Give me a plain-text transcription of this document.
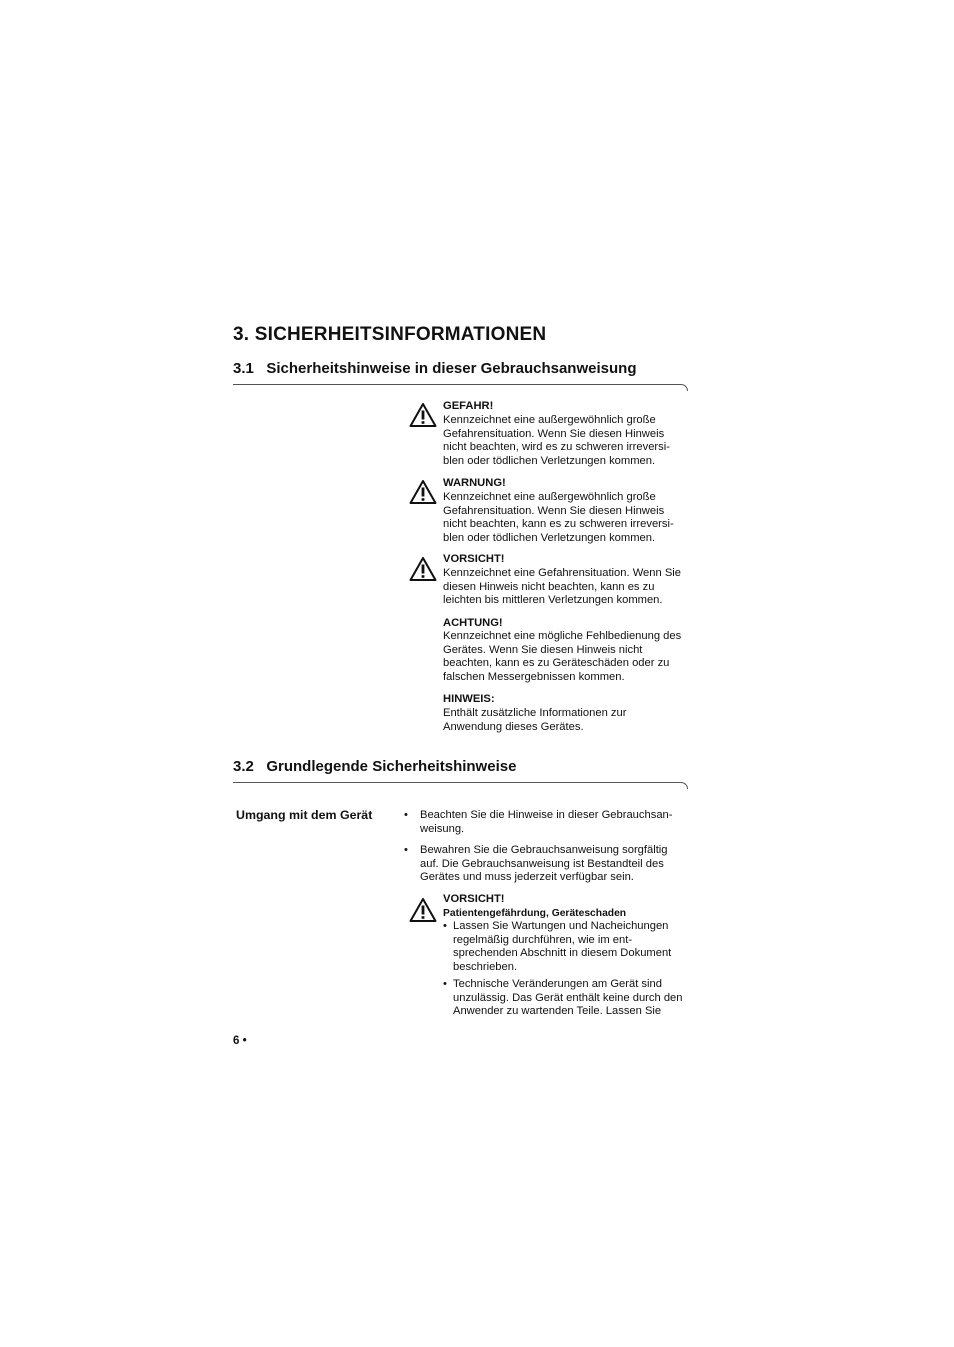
3. SICHERHEITSINFORMATIONEN
3.1   Sicherheitshinweise in dieser Gebrauchsanweisung
GEFAHR!
Kennzeichnet eine außergewöhnlich große
Gefahrensituation. Wenn Sie diesen Hinweis
nicht beachten, wird es zu schweren irreversi-
blen oder tödlichen Verletzungen kommen.
WARNUNG!
Kennzeichnet eine außergewöhnlich große
Gefahrensituation. Wenn Sie diesen Hinweis
nicht beachten, kann es zu schweren irreversi-
blen oder tödlichen Verletzungen kommen.
VORSICHT!
Kennzeichnet eine Gefahrensituation. Wenn Sie
diesen Hinweis nicht beachten, kann es zu
leichten bis mittleren Verletzungen kommen.
ACHTUNG!
Kennzeichnet eine mögliche Fehlbedienung des
Gerätes. Wenn Sie diesen Hinweis nicht
beachten, kann es zu Geräteschäden oder zu
falschen Messergebnissen kommen.
HINWEIS:
Enthält zusätzliche Informationen zur
Anwendung dieses Gerätes.
3.2   Grundlegende Sicherheitshinweise
Umgang mit dem Gerät	• Beachten Sie die Hinweise in dieser Gebrauchsan-
weisung.
• Bewahren Sie die Gebrauchsanweisung sorgfältig
auf. Die Gebrauchsanweisung ist Bestandteil des
Gerätes und muss jederzeit verfügbar sein.
VORSICHT!
Patientengefährdung, Geräteschaden
• Lassen Sie Wartungen und Nacheichungen
regelmäßig durchführen, wie im ent-
sprechenden Abschnitt in diesem Dokument
beschrieben.
• Technische Veränderungen am Gerät sind
unzulässig. Das Gerät enthält keine durch den
Anwender zu wartenden Teile. Lassen Sie
6 •
